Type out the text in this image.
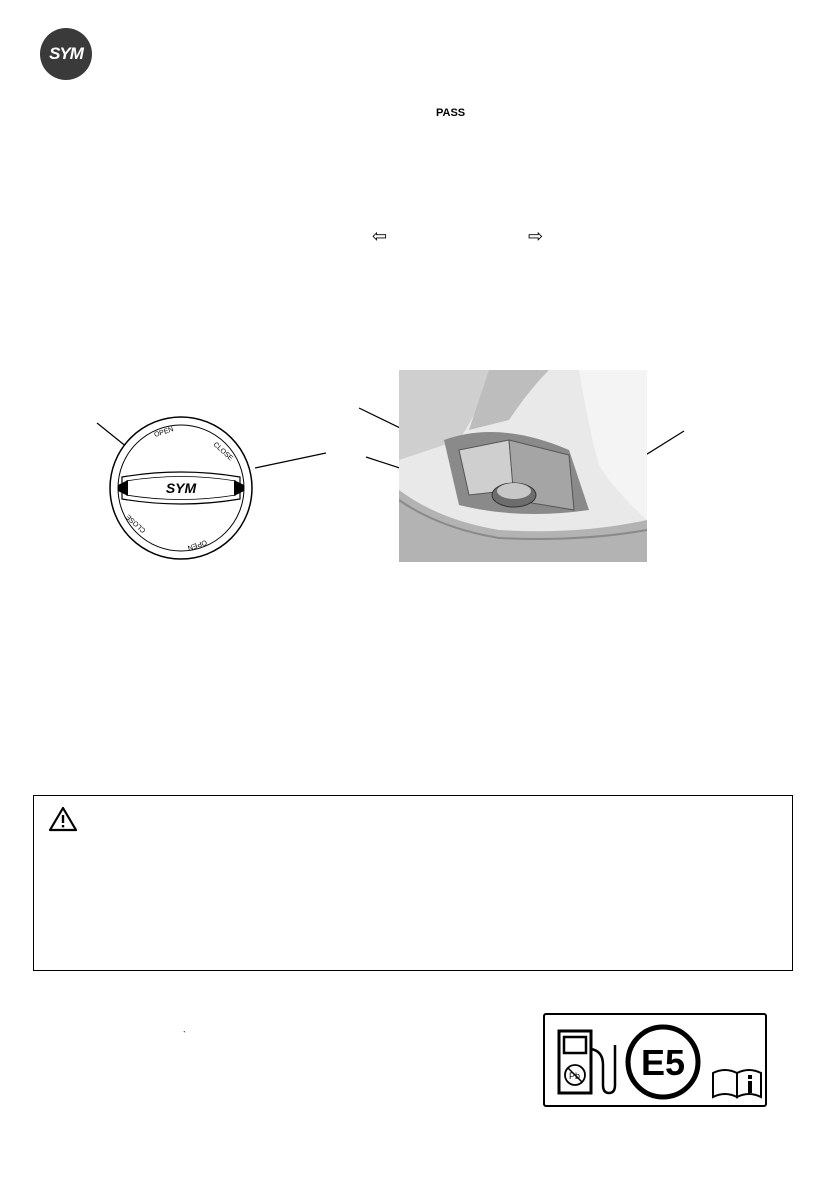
SYM
PASS
⇦	⇨
SYM
OPEN
CLOSE
OPEN
CLOSE
`
Pb E5
